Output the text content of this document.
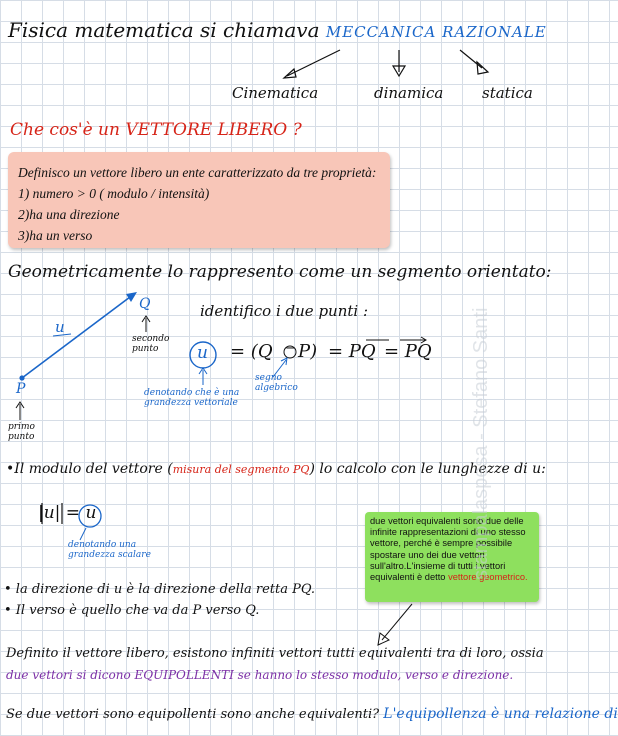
Fisica matematica si chiamava MECCANICA RAZIONALE
Cinematica	dinamica	statica
Che cos'è un VETTORE LIBERO ?
Definisco un vettore libero un ente caratterizzato da tre proprietà:
1) numero > 0 ( modulo / intensità)
2)ha una direzione
3)ha un verso
Geometricamente lo rappresento come un segmento orientato:
identifico i due punti :
u
Q
P
secondo punto
primo punto
u = (Q − P) = PQ = PQ
segno algebrico
denotando che è una grandezza vettoriale
•Il modulo del vettore (misura del segmento PQ) lo calcolo con le lunghezze di u:
|u| = u
denotando una grandezza scalare
• la direzione di u è la direzione della retta PQ.
• Il verso è quello che va da P verso Q.
due vettori equivalenti sono due delle infinite rappresentazioni di uno stesso vettore, perché è sempre possibile spostare uno dei due vettori sull'altro.L'insieme di tutti i vettori equivalenti è detto vettore geometrico.
Definito il vettore libero, esistono infiniti vettori tutti equivalenti tra di loro, ossia
due vettori si dicono EQUIPOLLENTI se hanno lo stesso modulo, verso e direzione.
Se due vettori sono equipollenti sono anche equivalenti? L'equipollenza è una relazione di
stampalaspesa - Stefano Santi
